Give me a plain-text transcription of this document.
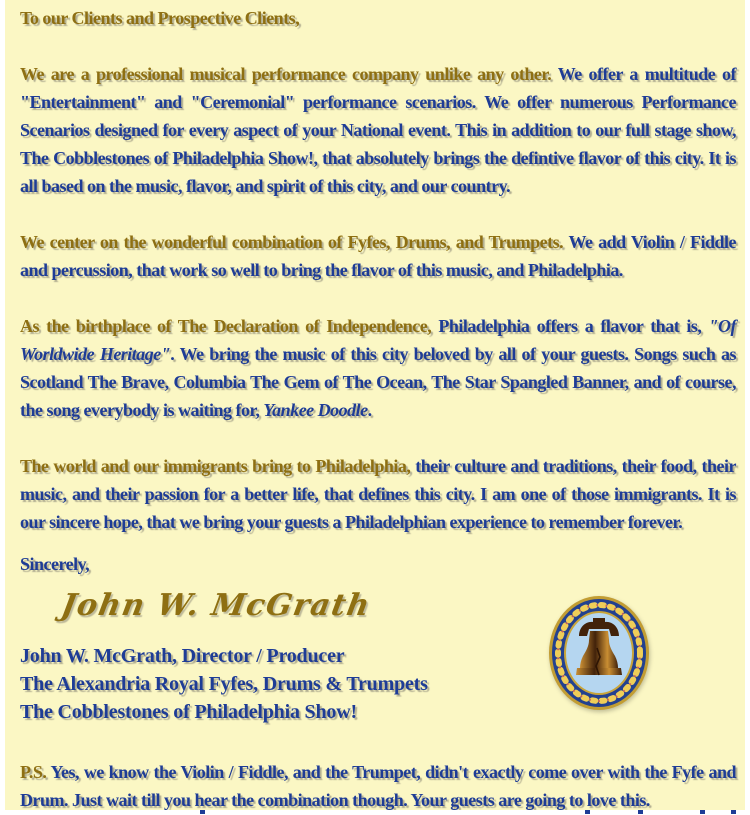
To our Clients and Prospective Clients,

We are a professional musical performance company unlike any other. We offer a multitude of "Entertainment" and "Ceremonial" performance scenarios. We offer numerous Performance Scenarios designed for every aspect of your National event. This in addition to our full stage show, The Cobblestones of Philadelphia Show!, that absolutely brings the defintive flavor of this city. It is all based on the music, flavor, and spirit of this city, and our country.

We center on the wonderful combination of Fyfes, Drums, and Trumpets. We add Violin / Fiddle and percussion, that work so well to bring the flavor of this music, and Philadelphia.

As the birthplace of The Declaration of Independence, Philadelphia offers a flavor that is, "Of Worldwide Heritage". We bring the music of this city beloved by all of your guests. Songs such as Scotland The Brave, Columbia The Gem of The Ocean, The Star Spangled Banner, and of course, the song everybody is waiting for, Yankee Doodle.

The world and our immigrants bring to Philadelphia, their culture and traditions, their food, their music, and their passion for a better life, that defines this city. I am one of those immigrants. It is our sincere hope, that we bring your guests a Philadelphian experience to remember forever.

Sincerely,
John W. McGrath
John W. McGrath, Director / Producer
The Alexandria Royal Fyfes, Drums & Trumpets
The Cobblestones of Philadelphia Show!

P.S. Yes, we know the Violin / Fiddle, and the Trumpet, didn't exactly come over with the Fyfe and Drum. Just wait till you hear the combination though. Your guests are going to love this.
